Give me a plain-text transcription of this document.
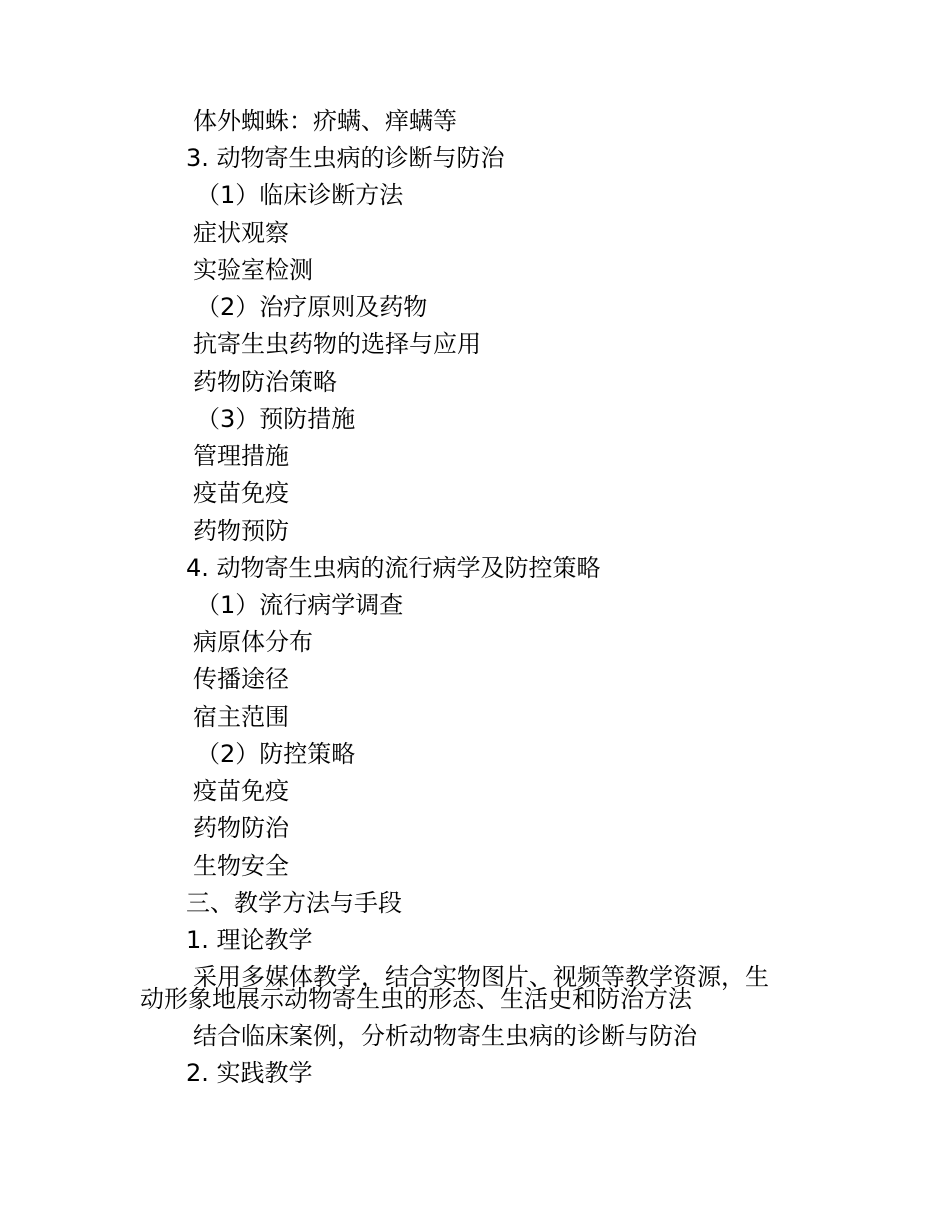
体外蜘蛛：疥螨、痒螨等
3. 动物寄生虫病的诊断与防治
（1）临床诊断方法
症状观察
实验室检测
（2）治疗原则及药物
抗寄生虫药物的选择与应用
药物防治策略
（3）预防措施
管理措施
疫苗免疫
药物预防
4. 动物寄生虫病的流行病学及防控策略
（1）流行病学调查
病原体分布
传播途径
宿主范围
（2）防控策略
疫苗免疫
药物防治
生物安全
三、教学方法与手段
1. 理论教学
采用多媒体教学，结合实物图片、视频等教学资源，生
动形象地展示动物寄生虫的形态、生活史和防治方法
结合临床案例，分析动物寄生虫病的诊断与防治
2. 实践教学
